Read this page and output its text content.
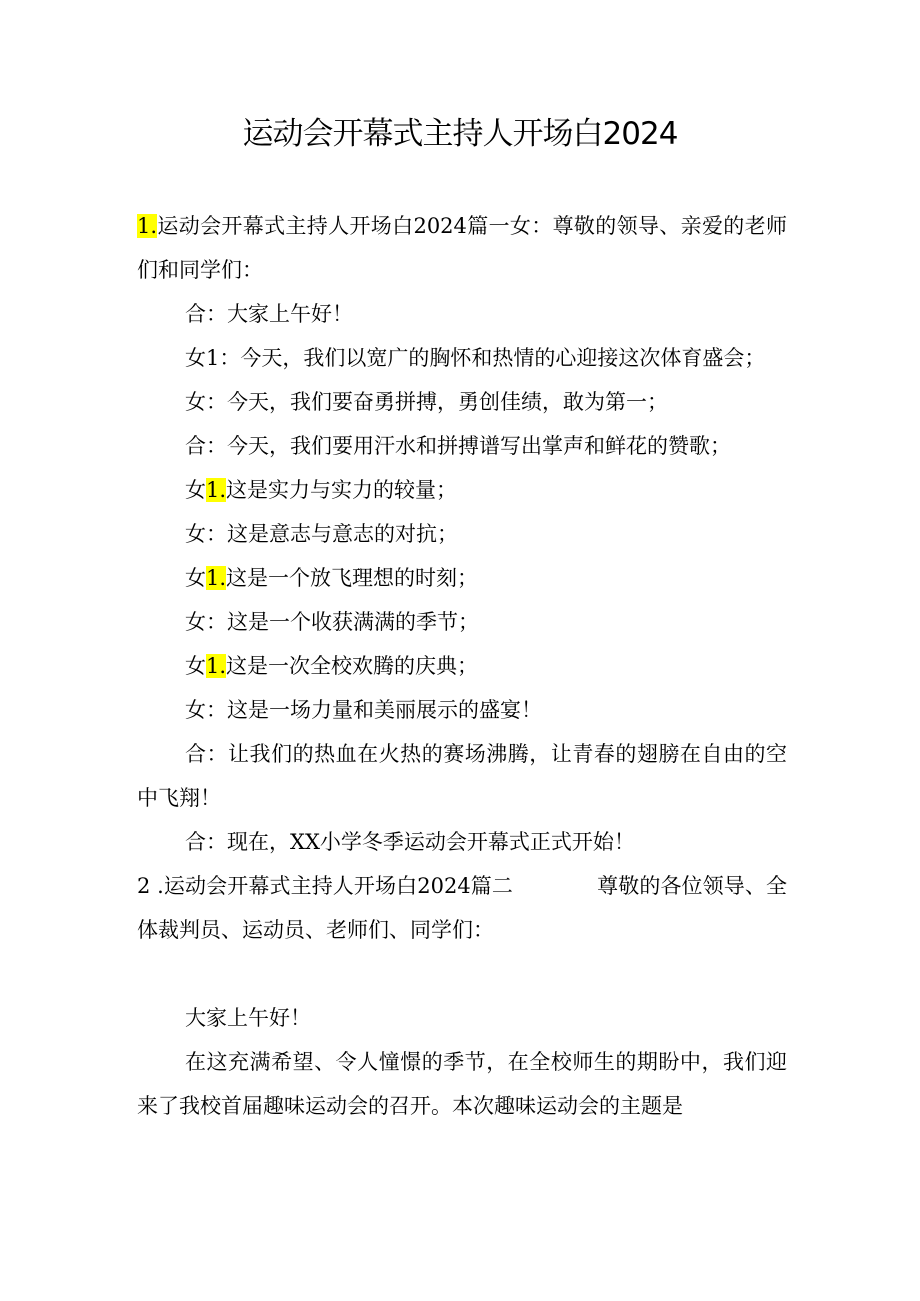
运动会开幕式主持人开场白2024

1.运动会开幕式主持人开场白2024篇一女：尊敬的领导、亲爱的老师们和同学们：

合：大家上午好！

女1：今天，我们以宽广的胸怀和热情的心迎接这次体育盛会；

女：今天，我们要奋勇拼搏，勇创佳绩，敢为第一；

合：今天，我们要用汗水和拼搏谱写出掌声和鲜花的赞歌；

女1.这是实力与实力的较量；

女：这是意志与意志的对抗；

女1.这是一个放飞理想的时刻；

女：这是一个收获满满的季节；

女1.这是一次全校欢腾的庆典；

女：这是一场力量和美丽展示的盛宴！

合：让我们的热血在火热的赛场沸腾，让青春的翅膀在自由的空中飞翔！

合：现在，XX小学冬季运动会开幕式正式开始！

2 .运动会开幕式主持人开场白2024篇二	尊敬的各位领导、全体裁判员、运动员、老师们、同学们：

大家上午好！

在这充满希望、令人憧憬的季节，在全校师生的期盼中，我们迎来了我校首届趣味运动会的召开。本次趣味运动会的主题是
